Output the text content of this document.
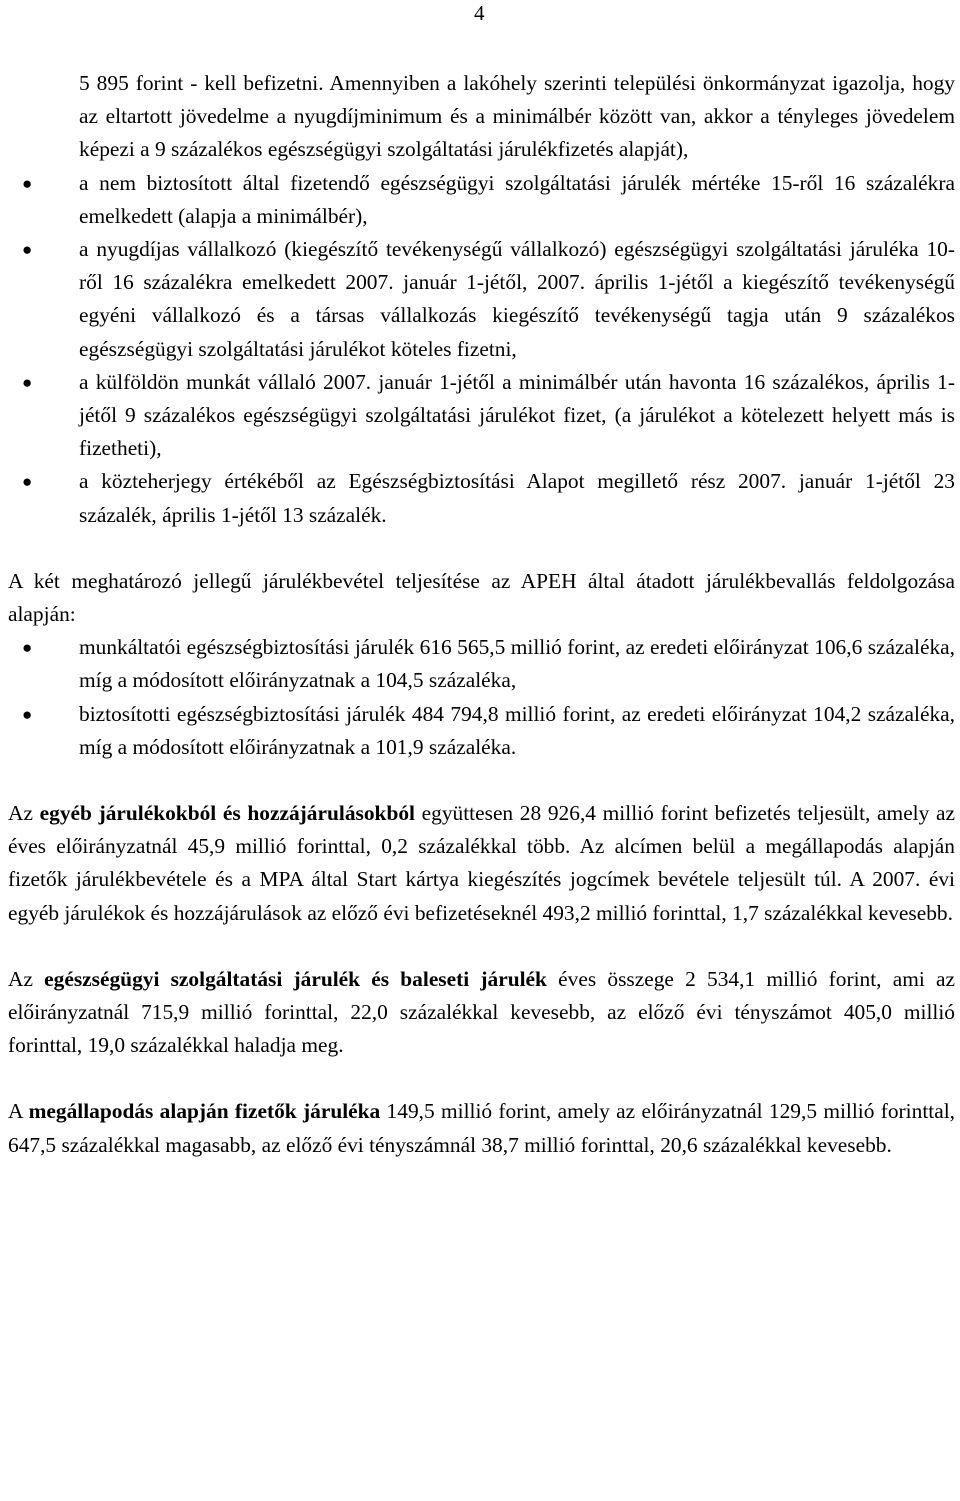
4
5 895 forint - kell befizetni. Amennyiben a lakóhely szerinti települési önkormányzat igazolja, hogy az eltartott jövedelme a nyugdíjminimum és a minimálbér között van, akkor a tényleges jövedelem képezi a 9 százalékos egészségügyi szolgáltatási járulékfizetés alapját),
● a nem biztosított által fizetendő egészségügyi szolgáltatási járulék mértéke 15-ről 16 százalékra emelkedett (alapja a minimálbér),
● a nyugdíjas vállalkozó (kiegészítő tevékenységű vállalkozó) egészségügyi szolgáltatási járuléka 10-ről 16 százalékra emelkedett 2007. január 1-jétől, 2007. április 1-jétől a kiegészítő tevékenységű egyéni vállalkozó és a társas vállalkozás kiegészítő tevékenységű tagja után 9 százalékos egészségügyi szolgáltatási járulékot köteles fizetni,
● a külföldön munkát vállaló 2007. január 1-jétől a minimálbér után havonta 16 százalékos, április 1-jétől 9 százalékos egészségügyi szolgáltatási járulékot fizet, (a járulékot a kötelezett helyett más is fizetheti),
● a közteherjegy értékéből az Egészségbiztosítási Alapot megillető rész 2007. január 1-jétől 23 százalék, április 1-jétől 13 százalék.

A két meghatározó jellegű járulékbevétel teljesítése az APEH által átadott járulékbevallás feldolgozása alapján:

● munkáltatói egészségbiztosítási járulék 616 565,5 millió forint, az eredeti előirányzat 106,6 százaléka, míg a módosított előirányzatnak a 104,5 százaléka,
● biztosítotti egészségbiztosítási járulék 484 794,8 millió forint, az eredeti előirányzat 104,2 százaléka, míg a módosított előirányzatnak a 101,9 százaléka.

Az egyéb járulékokból és hozzájárulásokból együttesen 28 926,4 millió forint befizetés teljesült, amely az éves előirányzatnál 45,9 millió forinttal, 0,2 százalékkal több. Az alcímen belül a megállapodás alapján fizetők járulékbevétele és a MPA által Start kártya kiegészítés jogcímek bevétele teljesült túl. A 2007. évi egyéb járulékok és hozzájárulások az előző évi befizetéseknél 493,2 millió forinttal, 1,7 százalékkal kevesebb.

Az egészségügyi szolgáltatási járulék és baleseti járulék éves összege 2 534,1 millió forint, ami az előirányzatnál 715,9 millió forinttal, 22,0 százalékkal kevesebb, az előző évi tényszámot 405,0 millió forinttal, 19,0 százalékkal haladja meg.

A megállapodás alapján fizetők járuléka 149,5 millió forint, amely az előirányzatnál 129,5 millió forinttal, 647,5 százalékkal magasabb, az előző évi tényszámnál 38,7 millió forinttal, 20,6 százalékkal kevesebb.
